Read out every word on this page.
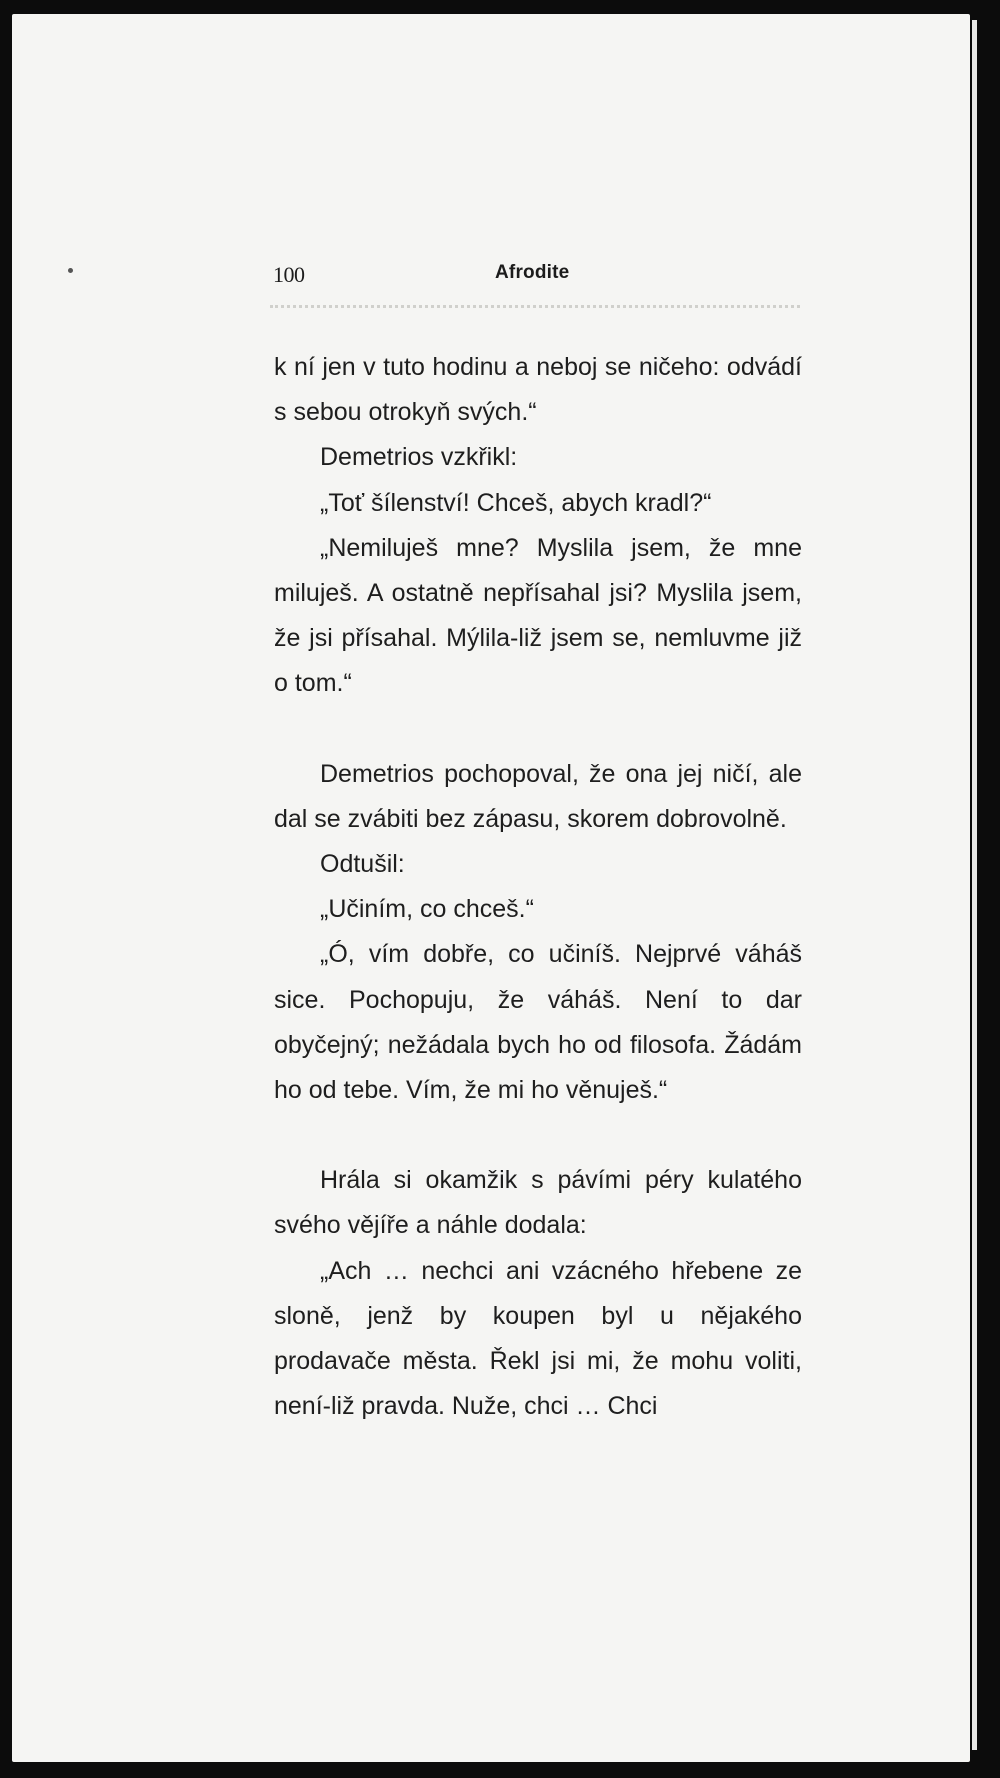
100	Afrodite

k ní jen v tuto hodinu a neboj se ničeho: odvádí s sebou otrokyň svých.“

Demetrios vzkřikl:

„Toť šílenství! Chceš, abych kradl?“

„Nemiluješ mne? Myslila jsem, že mne miluješ. A ostatně nepřísahal jsi? Myslila jsem, že jsi přísahal. Mýlila-liž jsem se, nemluvme již o tom.“

Demetrios pochopoval, že ona jej ničí, ale dal se zvábiti bez zápasu, skorem dobrovolně.

Odtušil:

„Učiním, co chceš.“

„Ó, vím dobře, co učiníš. Nejprvé váháš sice. Pochopuju, že váháš. Není to dar obyčejný; nežádala bych ho od filosofa. Žádám ho od tebe. Vím, že mi ho věnuješ.“

Hrála si okamžik s pávími péry kulatého svého vějíře a náhle dodala:

„Ach … nechci ani vzácného hřebene ze sloně, jenž by koupen byl u nějakého prodavače města. Řekl jsi mi, že mohu voliti, není-liž pravda. Nuže, chci … Chci
